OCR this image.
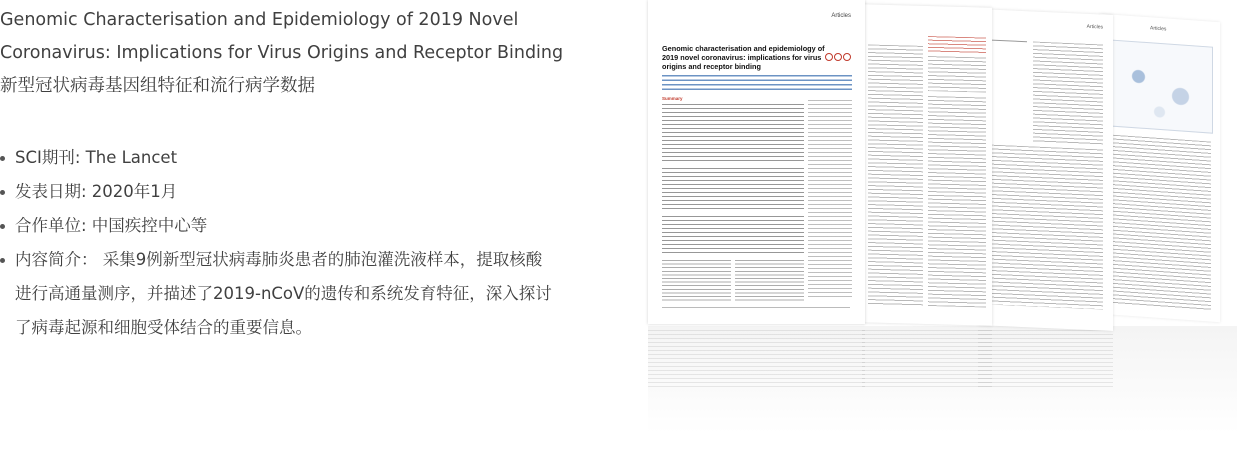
Genomic Characterisation and Epidemiology of 2019 Novel
Coronavirus: Implications for Virus Origins and Receptor Binding
新型冠状病毒基因组特征和流行病学数据
SCI期刊: The Lancet
发表日期: 2020年1月
合作单位: 中国疾控中心等
内容简介： 采集9例新型冠状病毒肺炎患者的肺泡灌洗液样本，提取核酸
进行高通量测序，并描述了2019-nCoV的遗传和系统发育特征，深入探讨
了病毒起源和细胞受体结合的重要信息。
Articles
Genomic characterisation and epidemiology of 2019 novel coronavirus: implications for virus origins and receptor binding
Summary
Articles	Articles
